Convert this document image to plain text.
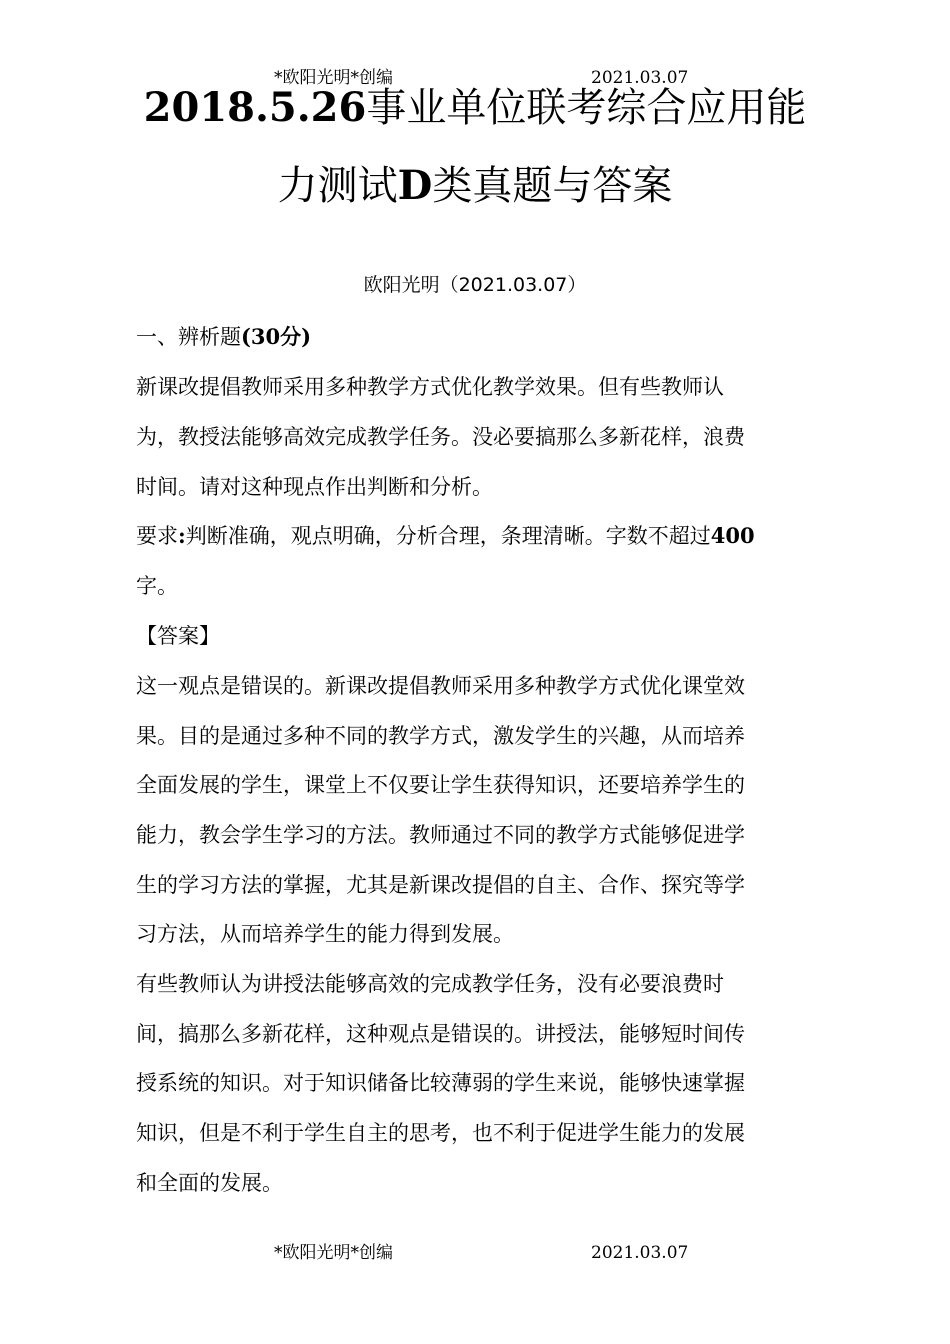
*欧阳光明*创编	2021.03.07
2018.5.26事业单位联考综合应用能
力测试D类真题与答案
欧阳光明（2021.03.07）
一、辨析题(30分)
新课改提倡教师采用多种教学方式优化教学效果。但有些教师认
为，教授法能够高效完成教学任务。没必要搞那么多新花样，浪费
时间。请对这种现点作出判断和分析。
要求:判断准确，观点明确，分析合理，条理清晰。字数不超过400
字。
【答案】
这一观点是错误的。新课改提倡教师采用多种教学方式优化课堂效
果。目的是通过多种不同的教学方式，激发学生的兴趣，从而培养
全面发展的学生，课堂上不仅要让学生获得知识，还要培养学生的
能力，教会学生学习的方法。教师通过不同的教学方式能够促进学
生的学习方法的掌握，尤其是新课改提倡的自主、合作、探究等学
习方法，从而培养学生的能力得到发展。
有些教师认为讲授法能够高效的完成教学任务，没有必要浪费时
间，搞那么多新花样，这种观点是错误的。讲授法，能够短时间传
授系统的知识。对于知识储备比较薄弱的学生来说，能够快速掌握
知识，但是不利于学生自主的思考，也不利于促进学生能力的发展
和全面的发展。
*欧阳光明*创编	2021.03.07
